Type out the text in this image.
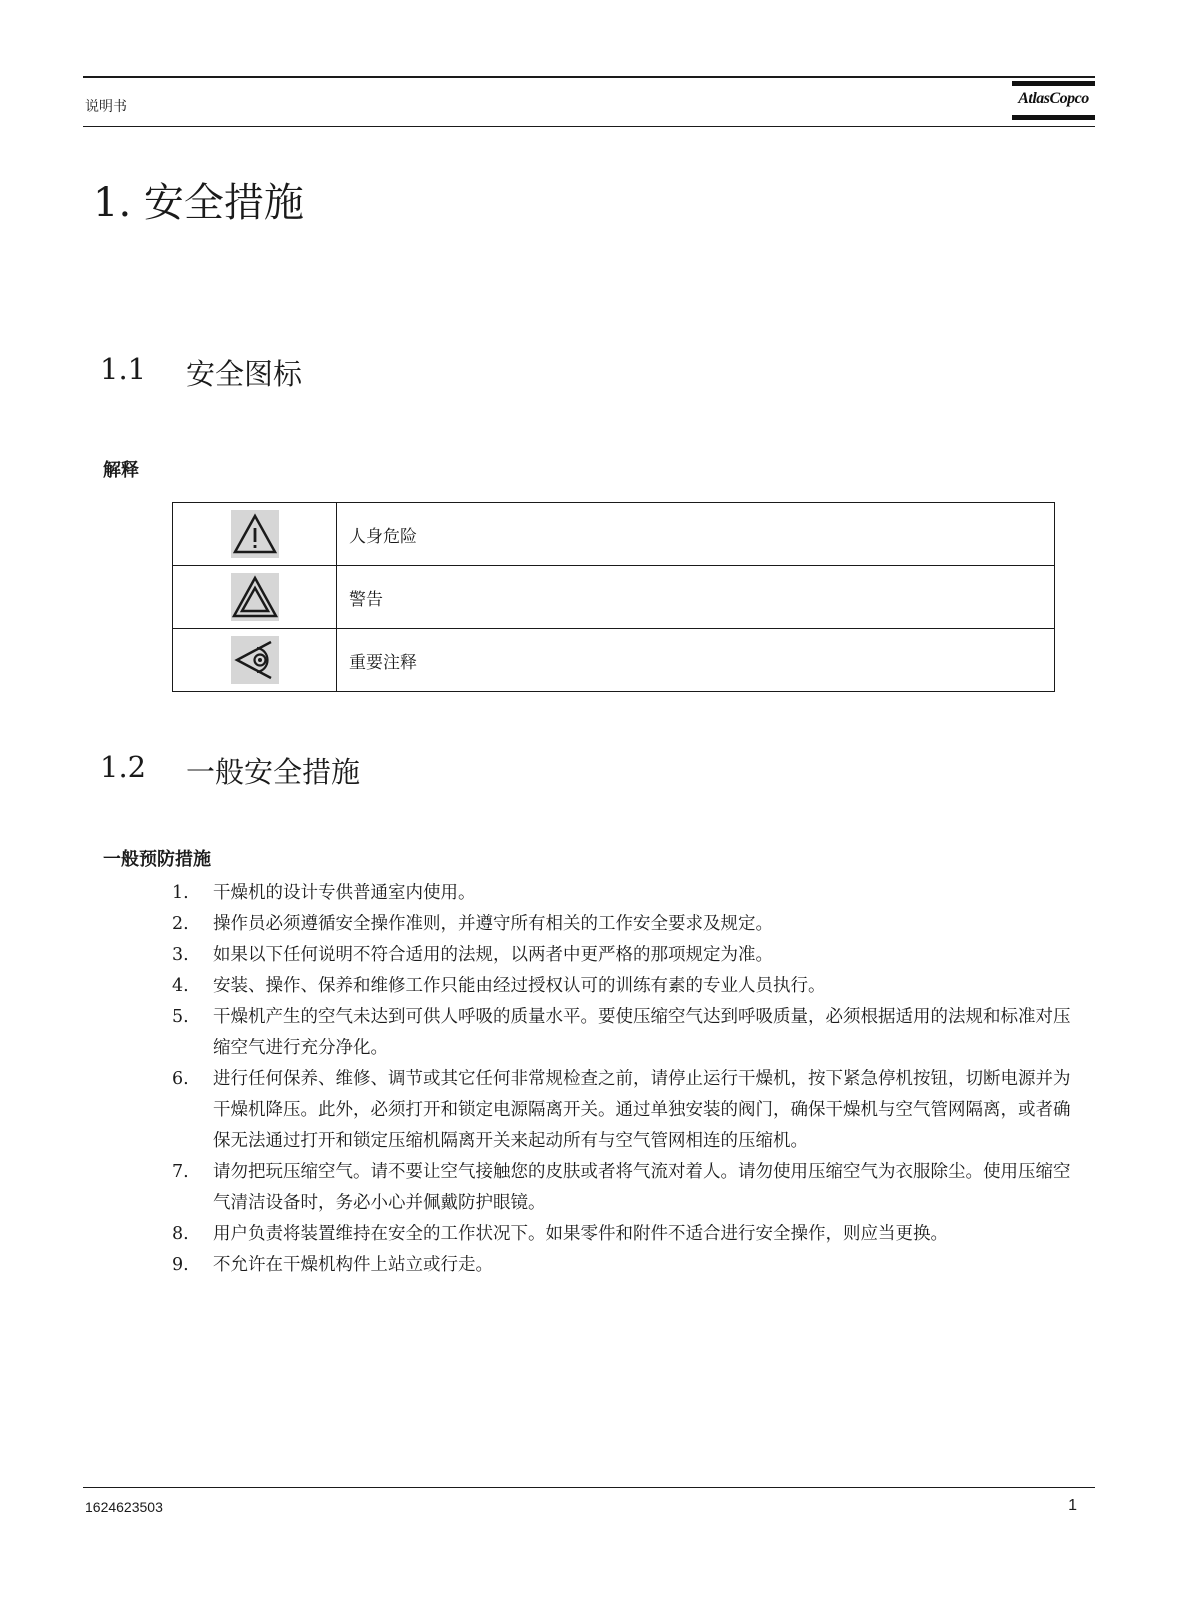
说明书	AtlasCopco
1. 安全措施
1.1 安全图标
解释
	人身危险
	警告
	重要注释
1.2 一般安全措施
一般预防措施
1. 干燥机的设计专供普通室内使用。
2. 操作员必须遵循安全操作准则，并遵守所有相关的工作安全要求及规定。
3. 如果以下任何说明不符合适用的法规，以两者中更严格的那项规定为准。
4. 安装、操作、保养和维修工作只能由经过授权认可的训练有素的专业人员执行。
5. 干燥机产生的空气未达到可供人呼吸的质量水平。要使压缩空气达到呼吸质量，必须根据适用的法规和标准对压缩空气进行充分净化。
6. 进行任何保养、维修、调节或其它任何非常规检查之前，请停止运行干燥机，按下紧急停机按钮，切断电源并为干燥机降压。此外，必须打开和锁定电源隔离开关。通过单独安装的阀门，确保干燥机与空气管网隔离，或者确保无法通过打开和锁定压缩机隔离开关来起动所有与空气管网相连的压缩机。
7. 请勿把玩压缩空气。请不要让空气接触您的皮肤或者将气流对着人。请勿使用压缩空气为衣服除尘。使用压缩空气清洁设备时，务必小心并佩戴防护眼镜。
8. 用户负责将装置维持在安全的工作状况下。如果零件和附件不适合进行安全操作，则应当更换。
9. 不允许在干燥机构件上站立或行走。
1624623503	1
